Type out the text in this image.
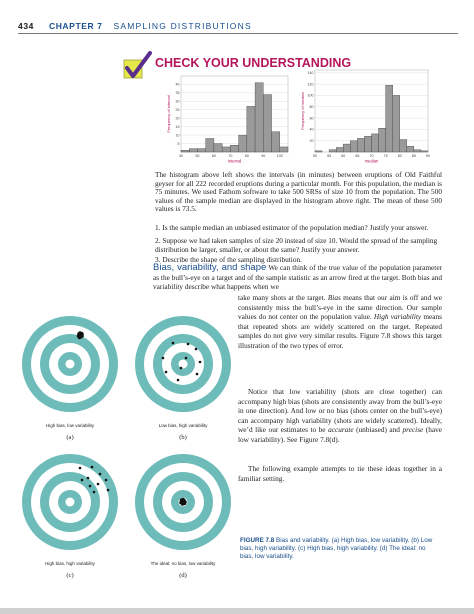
434 CHAPTER 7 SAMPLING DISTRIBUTIONS
CHECK YOUR UNDERSTANDING
5
10
15
20
25
30
35
40
40	50	60	70	80	90	100
Interval
Frequency of interval
20
40
60
80
100
120
140
50	55	60	65	70	75	80	85	90
median
Frequency of median
The histogram above left shows the intervals (in minutes) between eruptions of Old Faithful geyser for all 222 recorded eruptions during a particular month. For this population, the median is 75 minutes. We used Fathom software to take 500 SRSs of size 10 from the population. The 500 values of the sample median are displayed in the histogram above right. The mean of these 500 values is 73.5.
1. Is the sample median an unbiased estimator of the population median? Justify your answer.
2. Suppose we had taken samples of size 20 instead of size 10. Would the spread of the sampling distribution be larger, smaller, or about the same? Justify your answer.
3. Describe the shape of the sampling distribution.
Bias, variability, and shape We can think of the true value of the population parameter as the bull’s-eye on a target and of the sample statistic as an arrow fired at the target. Both bias and variability describe what happens when we
take many shots at the target. Bias means that our aim is off and we consistently miss the bull’s-eye in the same direction. Our sample values do not center on the population value. High variability means that repeated shots are widely scattered on the target. Repeated samples do not give very similar results. Figure 7.8 shows this target illustration of the two types of error.
Notice that low variability (shots are close together) can accompany high bias (shots are consistently away from the bull’s-eye in one direction). And low or no bias (shots center on the bull’s-eye) can accompany high variability (shots are widely scattered). Ideally, we’d like our estimates to be accurate (unbiased) and precise (have low variability). See Figure 7.8(d).
The following example attempts to tie these ideas together in a familiar setting.
High bias, low variability
(a)
Low bias, high variability
(b)
High bias, high variability
(c)
The ideal: no bias, low variability
(d)
FIGURE 7.8 Bias and variability. (a) High bias, low variability. (b) Low bias, high variability. (c) High bias, high variability. (d) The ideal: no bias, low variability.
